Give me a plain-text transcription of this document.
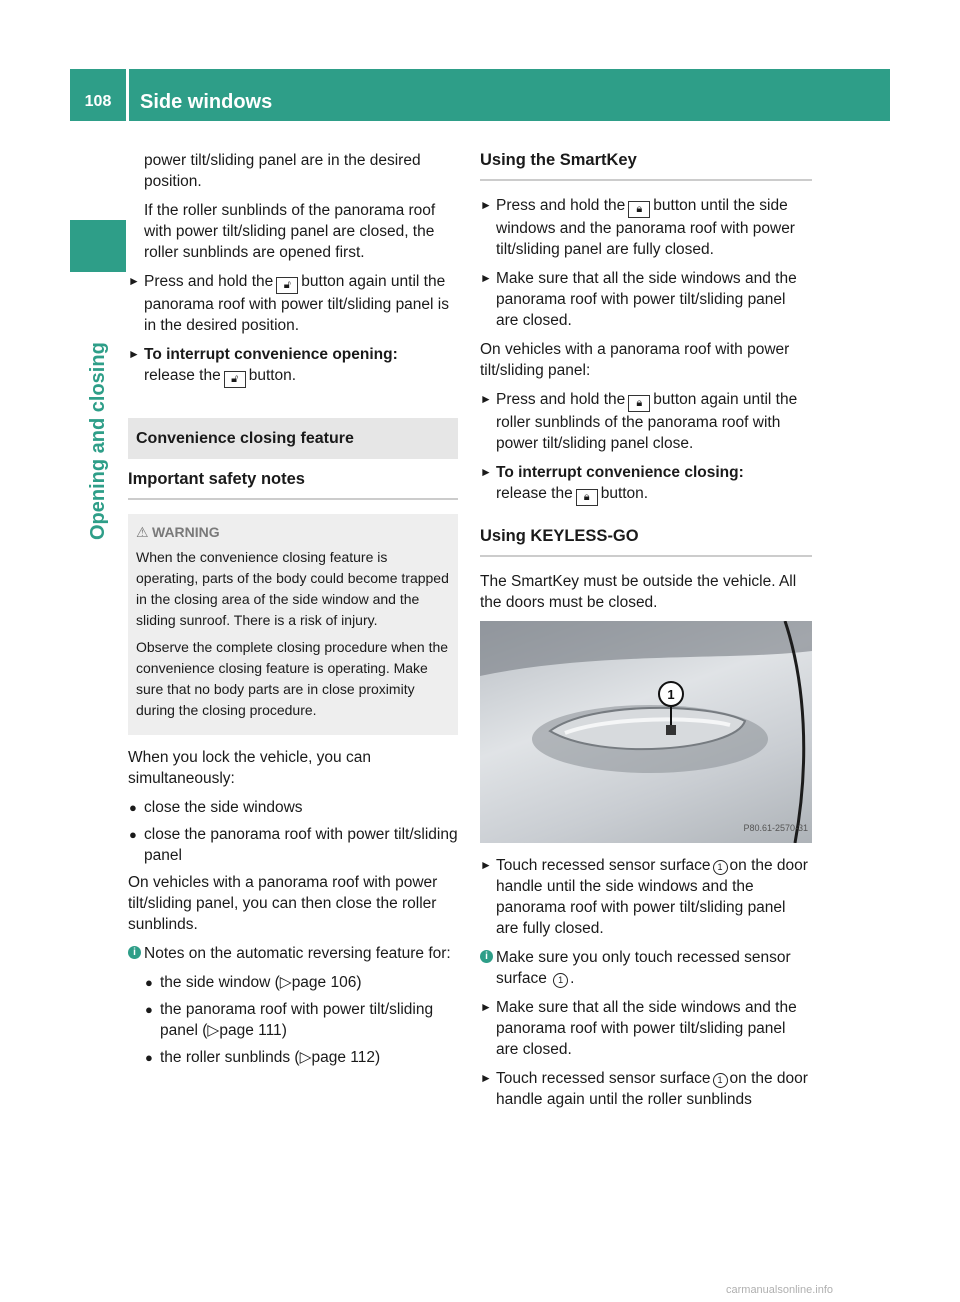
108	Side windows
Opening and closing

power tilt/sliding panel are in the desired position.

If the roller sunblinds of the panorama roof with power tilt/sliding panel are closed, the roller sunblinds are opened first.

► Press and hold the 🔓︎ button again until the panorama roof with power tilt/sliding panel is in the desired position.
► To interrupt convenience opening:
release the 🔓︎ button.
Convenience closing feature
Important safety notes
⚠︎ WARNING

When the convenience closing feature is operating, parts of the body could become trapped in the closing area of the side window and the sliding sunroof. There is a risk of injury.

Observe the complete closing procedure when the convenience closing feature is operating. Make sure that no body parts are in close proximity during the closing procedure.

When you lock the vehicle, you can simultaneously:

● close the side windows
● close the panorama roof with power tilt/sliding panel

On vehicles with a panorama roof with power tilt/sliding panel, you can then close the roller sunblinds.

i Notes on the automatic reversing feature for:
● the side window (▷page 106)
● the panorama roof with power tilt/sliding panel (▷page 111)
● the roller sunblinds (▷page 112)
Using the SmartKey
► Press and hold the 🔒︎ button until the side windows and the panorama roof with power tilt/sliding panel are fully closed.
► Make sure that all the side windows and the panorama roof with power tilt/sliding panel are closed.

On vehicles with a panorama roof with power tilt/sliding panel:

► Press and hold the 🔒︎ button again until the roller sunblinds of the panorama roof with power tilt/sliding panel close.
► To interrupt convenience closing:
release the 🔒︎ button.
Using KEYLESS-GO

The SmartKey must be outside the vehicle. All the doors must be closed.

1
P80.61-2570-31
► Touch recessed sensor surface 1 on the door handle until the side windows and the panorama roof with power tilt/sliding panel are fully closed.
i Make sure you only touch recessed sensor surface 1 .
► Make sure that all the side windows and the panorama roof with power tilt/sliding panel are closed.
► Touch recessed sensor surface 1 on the door handle again until the roller sunblinds
carmanualsonline.info
